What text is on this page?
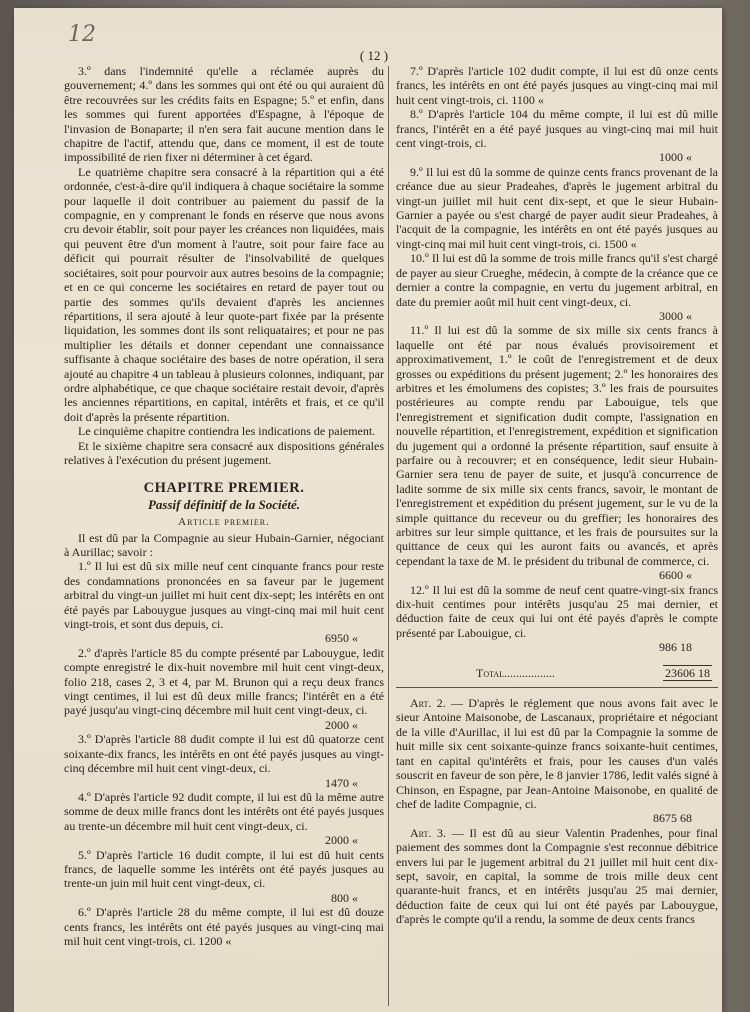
12
( 12 )

3.º dans l'indemnité qu'elle a réclamée auprès du gouvernement; 4.º dans les sommes qui ont été ou qui auraient dû être recouvrées sur les crédits faits en Espagne; 5.º et enfin, dans les sommes qui furent apportées d'Espagne, à l'époque de l'invasion de Bonaparte; il n'en sera fait aucune mention dans le chapitre de l'actif, attendu que, dans ce moment, il est de toute impossibilité de rien fixer ni déterminer à cet égard.

Le quatrième chapitre sera consacré à la répartition qui a été ordonnée, c'est-à-dire qu'il indiquera à chaque sociétaire la somme pour laquelle il doit contribuer au paiement du passif de la compagnie, en y comprenant le fonds en réserve que nous avons cru devoir établir, soit pour payer les créances non liquidées, mais qui peuvent être d'un moment à l'autre, soit pour faire face au déficit qui pourrait résulter de l'insolvabilité de quelques sociétaires, soit pour pourvoir aux autres besoins de la compagnie; et en ce qui concerne les sociétaires en retard de payer tout ou partie des sommes qu'ils devaient d'après les anciennes répartitions, il sera ajouté à leur quote-part fixée par la présente liquidation, les sommes dont ils sont reliquataires; et pour ne pas multiplier les détails et donner cependant une connaissance suffisante à chaque sociétaire des bases de notre opération, il sera ajouté au chapitre 4 un tableau à plusieurs colonnes, indiquant, par ordre alphabétique, ce que chaque sociétaire restait devoir, d'après les anciennes répartitions, en capital, intérêts et frais, et ce qu'il doit d'après la présente répartition.

Le cinquième chapitre contiendra les indications de paiement.

Et le sixième chapitre sera consacré aux dispositions générales relatives à l'exécution du présent jugement.

CHAPITRE PREMIER.

Passif définitif de la Société.

Article premier.

Il est dû par la Compagnie au sieur Hubain-Garnier, négociant à Aurillac; savoir :

1.º Il lui est dû six mille neuf cent cinquante francs pour reste des condamnations prononcées en sa faveur par le jugement arbitral du vingt-un juillet mi huit cent dix-sept; les intérêts en ont été payés par Labouygue jusques au vingt-cinq mai mil huit cent vingt-trois, et sont dus depuis, ci.

6950 «

2.º d'après l'article 85 du compte présenté par Labouygue, ledit compte enregistré le dix-huit novembre mil huit cent vingt-deux, folio 218, cases 2, 3 et 4, par M. Brunon qui a reçu deux francs vingt centimes, il lui est dû deux mille francs; l'intérêt en a été payé jusqu'au vingt-cinq décembre mil huit cent vingt-deux, ci.

2000 «

3.º D'après l'article 88 dudit compte il lui est dû quatorze cent soixante-dix francs, les intérêts en ont été payés jusques au vingt-cinq décembre mil huit cent vingt-deux, ci.

1470 «

4.º D'après l'article 92 dudit compte, il lui est dû la même autre somme de deux mille francs dont les intérêts ont été payés jusques au trente-un décembre mil huit cent vingt-deux, ci.

2000 «

5.º D'après l'article 16 dudit compte, il lui est dû huit cents francs, de laquelle somme les intérêts ont été payés jusques au trente-un juin mil huit cent vingt-deux, ci.

800 «

6.º D'après l'article 28 du même compte, il lui est dû douze cents francs, les intérêts ont été payés jusques au vingt-cinq mai mil huit cent vingt-trois, ci. 1200 «

7.º D'après l'article 102 dudit compte, il lui est dû onze cents francs, les intérêts en ont été payés jusques au vingt-cinq mai mil huit cent vingt-trois, ci. 1100 «

8.º D'après l'article 104 du même compte, il lui est dû mille francs, l'intérêt en a été payé jusques au vingt-cinq mai mil huit cent vingt-trois, ci.

1000 «

9.º Il lui est dû la somme de quinze cents francs provenant de la créance due au sieur Pradeahes, d'après le jugement arbitral du vingt-un juillet mil huit cent dix-sept, et que le sieur Hubain-Garnier a payée ou s'est chargé de payer audit sieur Pradeahes, à l'acquit de la compagnie, les intérêts en ont été payés jusques au vingt-cinq mai mil huit cent vingt-trois, ci. 1500 «

10.º Il lui est dû la somme de trois mille francs qu'il s'est chargé de payer au sieur Crueghe, médecin, à compte de la créance que ce dernier a contre la compagnie, en vertu du jugement arbitral, en date du premier août mil huit cent vingt-deux, ci.

3000 «

11.º Il lui est dû la somme de six mille six cents francs à laquelle ont été par nous évalués provisoirement et approximativement, 1.º le coût de l'enregistrement et de deux grosses ou expéditions du présent jugement; 2.º les honoraires des arbitres et les émolumens des copistes; 3.º les frais de poursuites postérieures au compte rendu par Labouigue, tels que l'enregistrement et signification dudit compte, l'assignation en nouvelle répartition, et l'enregistrement, expédition et signification du jugement qui a ordonné la présente répartition, sauf ensuite à parfaire ou à recouvrer; et en conséquence, ledit sieur Hubain-Garnier sera tenu de payer de suite, et jusqu'à concurrence de ladite somme de six mille six cents francs, savoir, le montant de l'enregistrement et expédition du présent jugement, sur le vu de la simple quittance du receveur ou du greffier; les honoraires des arbitres sur leur simple quittance, et les frais de poursuites sur la quittance de ceux qui les auront faits ou avancés, et après cependant la taxe de M. le président du tribunal de commerce, ci.

6600 «

12.º Il lui est dû la somme de neuf cent quatre-vingt-six francs dix-huit centimes pour intérêts jusqu'au 25 mai dernier, et déduction faite de ceux qui lui ont été payés d'après le compte présenté par Labouigue, ci.

986 18

Total.................	23606 18

Art. 2. — D'après le réglement que nous avons fait avec le sieur Antoine Maisonobe, de Lascanaux, propriétaire et négociant de la ville d'Aurillac, il lui est dû par la Compagnie la somme de huit mille six cent soixante-quinze francs soixante-huit centimes, tant en capital qu'intérêts et frais, pour les causes d'un valés souscrit en faveur de son père, le 8 janvier 1786, ledit valés signé à Chinson, en Espagne, par Jean-Antoine Maisonobe, en qualité de chef de ladite Compagnie, ci.

8675 68

Art. 3. — Il est dû au sieur Valentin Pradenhes, pour final paiement des sommes dont la Compagnie s'est reconnue débitrice envers lui par le jugement arbitral du 21 juillet mil huit cent dix-sept, savoir, en capital, la somme de trois mille deux cent quarante-huit francs, et en intérêts jusqu'au 25 mai dernier, déduction faite de ceux qui lui ont été payés par Labouygue, d'après le compte qu'il a rendu, la somme de deux cents francs
